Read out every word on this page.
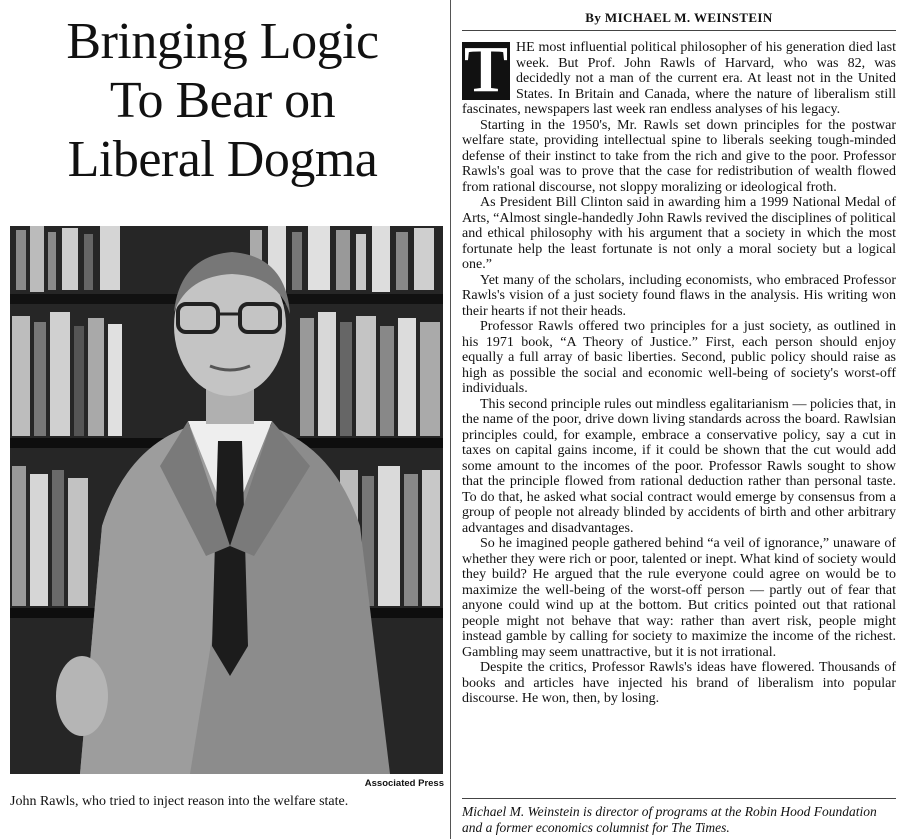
Bringing Logic
To Bear on
Liberal Dogma
Associated Press
John Rawls, who tried to inject reason into the welfare state.
By MICHAEL M. WEINSTEIN

T HE most influential political philosopher of his generation died last week. But Prof. John Rawls of Harvard, who was 82, was decidedly not a man of the current era. At least not in the United States. In Britain and Canada, where the nature of liberalism still fascinates, newspapers last week ran endless analyses of his legacy.

Starting in the 1950's, Mr. Rawls set down principles for the postwar welfare state, providing intellectual spine to liberals seeking tough-minded defense of their instinct to take from the rich and give to the poor. Professor Rawls's goal was to prove that the case for redistribution of wealth flowed from rational discourse, not sloppy moralizing or ideological froth.

As President Bill Clinton said in awarding him a 1999 National Medal of Arts, “Almost single-handedly John Rawls revived the disciplines of political and ethical philosophy with his argument that a society in which the most fortunate help the least fortunate is not only a moral society but a logical one.”

Yet many of the scholars, including economists, who embraced Professor Rawls's vision of a just society found flaws in the analysis. His writing won their hearts if not their heads.

Professor Rawls offered two principles for a just society, as outlined in his 1971 book, “A Theory of Justice.” First, each person should enjoy equally a full array of basic liberties. Second, public policy should raise as high as possible the social and economic well-being of society's worst-off individuals.

This second principle rules out mindless egalitarianism — policies that, in the name of the poor, drive down living standards across the board. Rawlsian principles could, for example, embrace a conservative policy, say a cut in taxes on capital gains income, if it could be shown that the cut would add some amount to the incomes of the poor. Professor Rawls sought to show that the principle flowed from rational deduction rather than personal taste. To do that, he asked what social contract would emerge by consensus from a group of people not already blinded by accidents of birth and other arbitrary advantages and disadvantages.

So he imagined people gathered behind “a veil of ignorance,” unaware of whether they were rich or poor, talented or inept. What kind of society would they build? He argued that the rule everyone could agree on would be to maximize the well-being of the worst-off person — partly out of fear that anyone could wind up at the bottom. But critics pointed out that rational people might not behave that way: rather than avert risk, people might instead gamble by calling for society to maximize the income of the richest. Gambling may seem unattractive, but it is not irrational.

Despite the critics, Professor Rawls's ideas have flowered. Thousands of books and articles have injected his brand of liberalism into popular discourse. He won, then, by losing.

Michael M. Weinstein is director of programs at the Robin Hood Foundation and a former economics columnist for The Times.
